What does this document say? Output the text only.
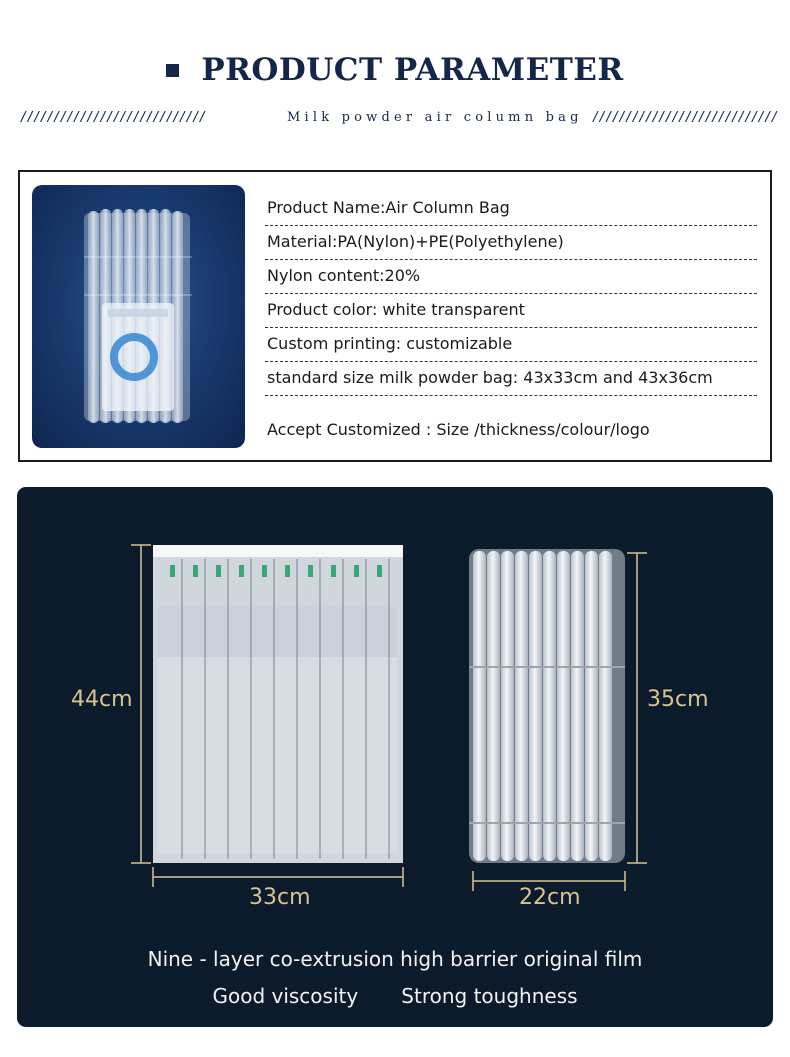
PRODUCT PARAMETER
////////////////////////////	Milk powder air column bag ////////////////////////////
Product Name:Air Column Bag
Material:PA(Nylon)+PE(Polyethylene)
Nylon content:20%
Product color: white transparent
Custom printing: customizable
standard size milk powder bag: 43x33cm and 43x36cm
Accept Customized : Size /thickness/colour/logo
44cm
33cm
35cm
22cm
Nine - layer co-extrusion high barrier original film
Good viscosity Strong toughness
